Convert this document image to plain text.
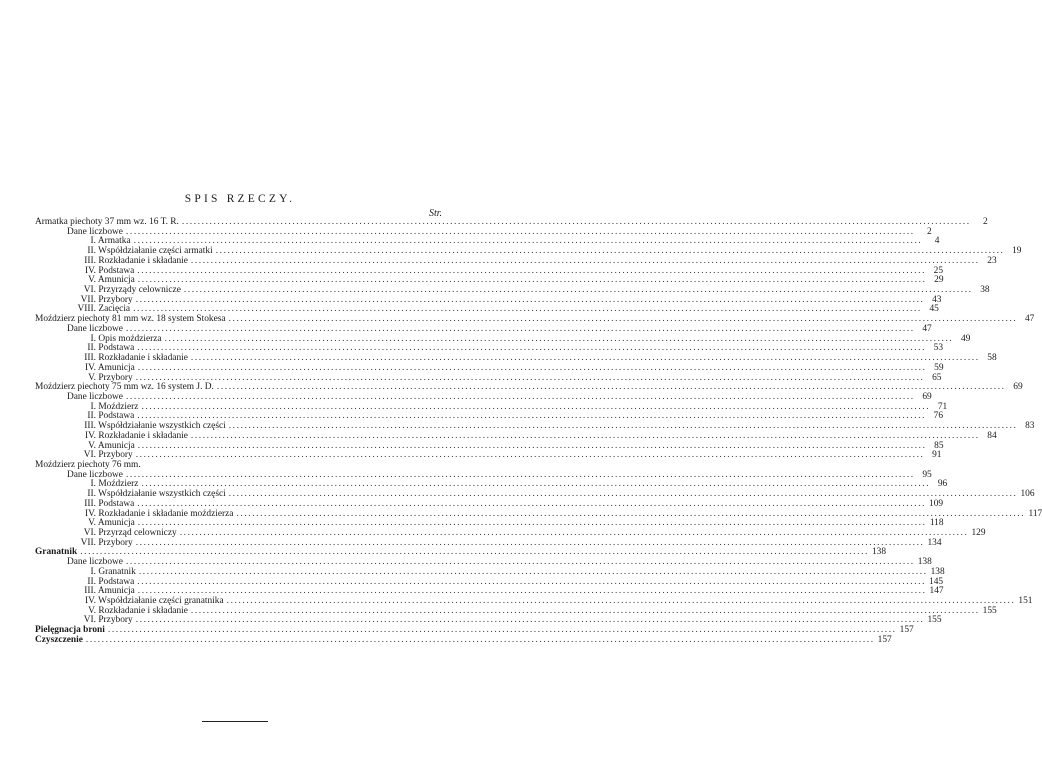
SPIS RZECZY.
Str.
Armatka piechoty 37 mm wz. 16 T. R. ........................................................................................................................................................................................................	2
Dane liczbowe ........................................................................................................................................................................................................	2
I. Armatka ........................................................................................................................................................................................................	4
II. Współdziałanie części armatki ........................................................................................................................................................................................................ 19
III. Rozkładanie i składanie ........................................................................................................................................................................................................ 23
IV. Podstawa ........................................................................................................................................................................................................ 25
V. Amunicja ........................................................................................................................................................................................................ 29
VI. Przyrządy celownicze ........................................................................................................................................................................................................ 38
VII. Przybory ........................................................................................................................................................................................................ 43
VIII. Zacięcia ........................................................................................................................................................................................................ 45
Moździerz piechoty 81 mm wz. 18 system Stokesa ........................................................................................................................................................................................................ 47
Dane liczbowe ........................................................................................................................................................................................................ 47
I. Opis moździerza ........................................................................................................................................................................................................ 49
II. Podstawa ........................................................................................................................................................................................................ 53
III. Rozkładanie i składanie ........................................................................................................................................................................................................ 58
IV. Amunicja ........................................................................................................................................................................................................ 59
V. Przybory ........................................................................................................................................................................................................ 65
Moździerz piechoty 75 mm wz. 16 system J. D. ........................................................................................................................................................................................................ 69
Dane liczbowe ........................................................................................................................................................................................................ 69
I. Moździerz ........................................................................................................................................................................................................ 71
II. Podstawa ........................................................................................................................................................................................................ 76
III. Współdziałanie wszystkich części ........................................................................................................................................................................................................ 83
IV. Rozkładanie i składanie ........................................................................................................................................................................................................ 84
V. Amunicja ........................................................................................................................................................................................................ 85
VI. Przybory ........................................................................................................................................................................................................ 91
Moździerz piechoty 76 mm.
Dane liczbowe ........................................................................................................................................................................................................ 95
I. Moździerz ........................................................................................................................................................................................................ 96
II. Współdziałanie wszystkich części ........................................................................................................................................................................................................ 106
III. Podstawa ........................................................................................................................................................................................................ 109
IV. Rozkładanie i składanie moździerza ........................................................................................................................................................................................................ 117
V. Amunicja ........................................................................................................................................................................................................ 118
VI. Przyrząd celowniczy ........................................................................................................................................................................................................ 129
VII. Przybory ........................................................................................................................................................................................................ 134
Granatnik ........................................................................................................................................................................................................ 138
Dane liczbowe ........................................................................................................................................................................................................ 138
I. Granatnik ........................................................................................................................................................................................................ 138
II. Podstawa ........................................................................................................................................................................................................ 145
III. Amunicja ........................................................................................................................................................................................................ 147
IV. Współdziałanie części granatnika ........................................................................................................................................................................................................ 151
V. Rozkładanie i składanie ........................................................................................................................................................................................................ 155
VI. Przybory ........................................................................................................................................................................................................ 155
Pielęgnacja broni ........................................................................................................................................................................................................ 157
Czyszczenie ........................................................................................................................................................................................................ 157
